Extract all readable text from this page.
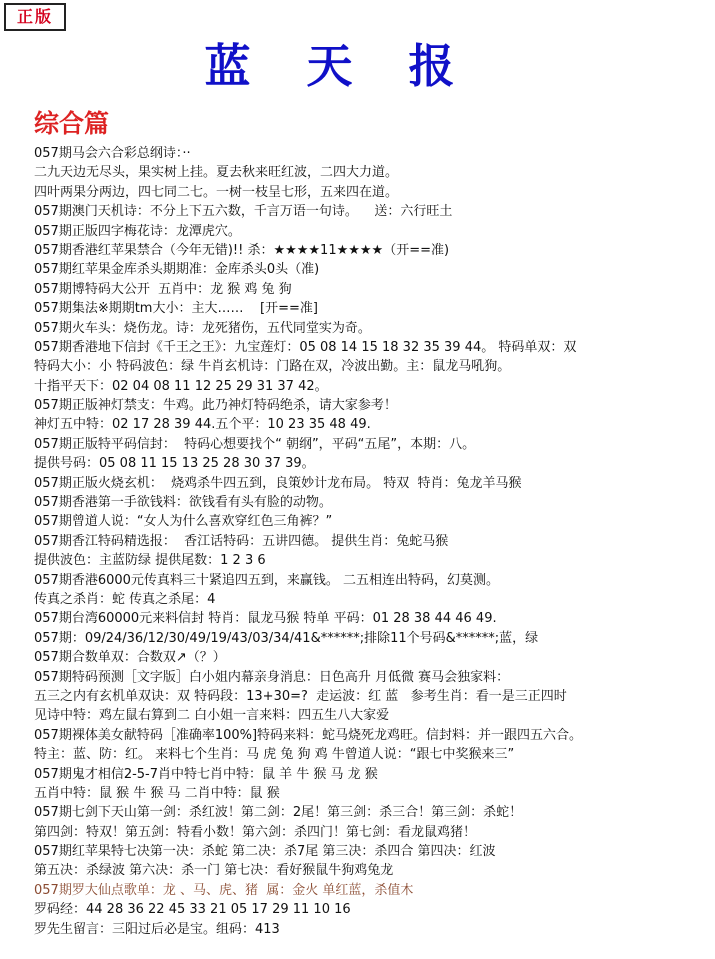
正版
蓝天报
综合篇
057期马会六合彩总纲诗：··
二九天边无尽头，果实树上挂。夏去秋来旺红波，二四大力道。
四叶两果分两边，四七同二七。一树一枝呈七形，五来四在道。
057期澳门天机诗：不分上下五六数，千言万语一句诗。    送：六行旺土
057期正版四字梅花诗：龙潭虎穴。
057期香港红苹果禁合（今年无错)!! 杀：★★★★11★★★★（开==准)
057期红苹果金库杀头期期准：金库杀头0头（准)
057期博特码大公开  五肖中：龙 猴 鸡 兔 狗
057期集法※期期tm大小：主大……    [开==准]
057期火车头：烧伤龙。诗：龙死猪伤，五代同堂实为奇。
057期香港地下信封《千王之王》：九宝莲灯：05 08 14 15 18 32 35 39 44。 特码单双：双
特码大小：小 特码波色：绿 牛肖玄机诗：门路在双，冷波出勤。主：鼠龙马吼狗。
十指平天下：02 04 08 11 12 25 29 31 37 42。
057期正版神灯禁支：牛鸡。此乃神灯特码绝杀，请大家参考！
神灯五中特：02 17 28 39 44.五个平：10 23 35 48 49.
057期正版特平码信封：  特码心想要找个“ 朝纲”，平码“五尾”，本期：八。
提供号码：05 08 11 15 13 25 28 30 37 39。
057期正版火烧玄机：  烧鸡杀牛四五到，良策妙计龙布局。 特双  特肖：兔龙羊马猴
057期香港第一手欲钱料：欲钱看有头有脸的动物。
057期曾道人说：“女人为什么喜欢穿红色三角裤？”
057期香江特码精选报：  香江话特码：五讲四德。 提供生肖：兔蛇马猴
提供波色：主蓝防绿 提供尾数：1 2 3 6
057期香港6000元传真料三十紧追四五到，来赢钱。 二五相连出特码，幻莫测。
传真之杀肖：蛇 传真之杀尾：4
057期台湾60000元来料信封 特肖：鼠龙马猴 特单 平码：01 28 38 44 46 49.
057期：09/24/36/12/30/49/19/43/03/34/41&******;排除11个号码&******;蓝，绿
057期合数单双：合数双↗（？）
057期特码预测［文字版］白小姐内幕亲身消息：日色高升 月低微 赛马会独家料：
五三之内有玄机单双诀：双 特码段：13+30=?  走运波：红 蓝   参考生肖：看一是三正四时
见诗中特：鸡左鼠右算到二 白小姐一言来料：四五生八大家爱
057期裸体美女献特码［准确率100%]特码来料：蛇马烧死龙鸡旺。信封料：并一跟四五六合。
特主：蓝、防：红。 来料七个生肖：马 虎 兔 狗 鸡 牛曾道人说：“跟七中奖猴来三”
057期鬼才相信2-5-7肖中特七肖中特：鼠 羊 牛 猴 马 龙 猴
五肖中特：鼠 猴 牛 猴 马 二肖中特：鼠 猴
057期七剑下天山第一剑：杀红波！第二剑：2尾！第三剑：杀三合！第三剑：杀蛇！
第四剑：特双！第五剑：特看小数！第六剑：杀四门！第七剑：看龙鼠鸡猪！
057期红苹果特七决第一决：杀蛇 第二决：杀7尾 第三决：杀四合 第四决：红波
第五决：杀绿波 第六决：杀一门 第七决：看好猴鼠牛狗鸡兔龙
057期罗大仙点歌单：龙 、马、虎、猪  属：金火 单红蓝，杀值木
罗码经：44 28 36 22 45 33 21 05 17 29 11 10 16
罗先生留言：三阳过后必是宝。组码：413
